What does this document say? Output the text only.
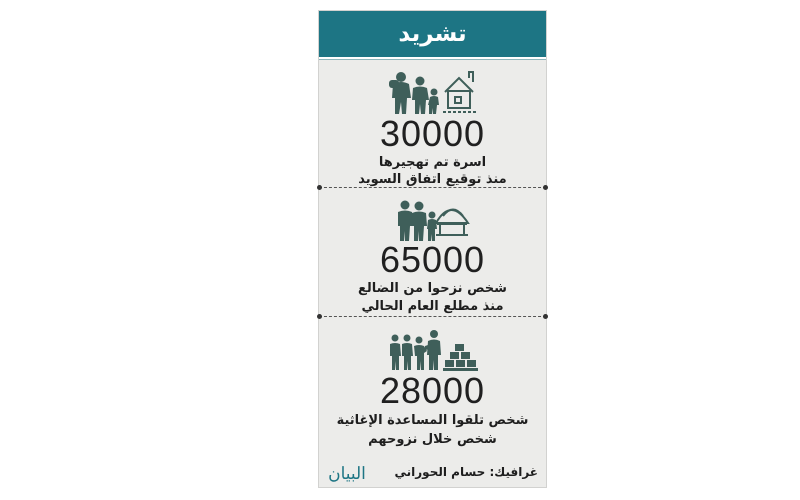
تشريد
30000
اسرة تم تهجيرها
منذ توقيع اتفاق السويد
65000
شخص نزحوا من الضالع
منذ مطلع العام الحالي
28000
شخص تلقوا المساعدة الإغاثية
شخص خلال نزوحهم
البيان غرافيك: حسام الحوراني
